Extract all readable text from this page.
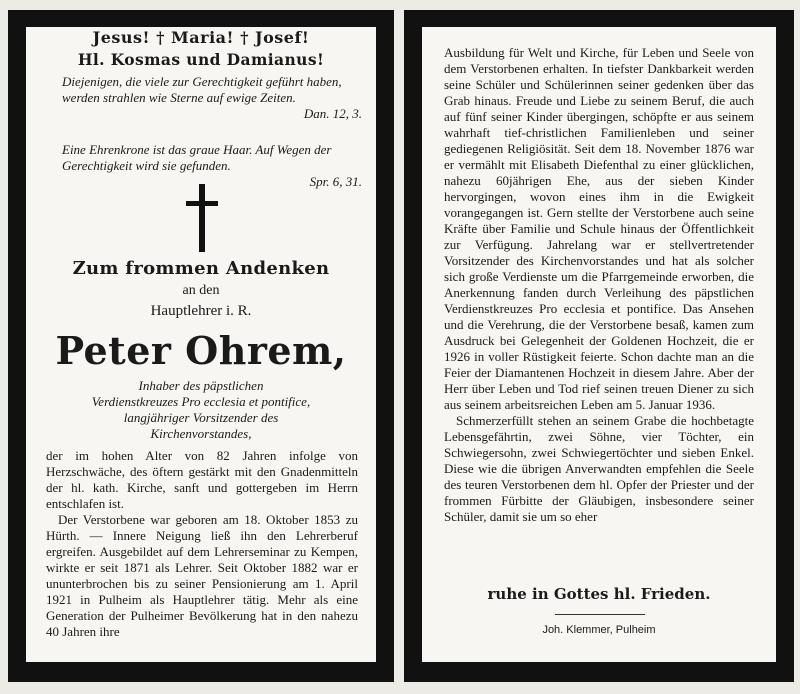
Jesus! † Maria! † Josef!
Hl. Kosmas und Damianus!
Diejenigen, die viele zur Gerechtigkeit geführt haben, werden strahlen wie Sterne auf ewige Zeiten.
Dan. 12, 3.
Eine Ehrenkrone ist das graue Haar. Auf Wegen der Gerechtigkeit wird sie gefunden.
Spr. 6, 31.
Zum frommen Andenken
an den
Hauptlehrer i. R.
Peter Ohrem,
Inhaber des päpstlichen
Verdienstkreuzes Pro ecclesia et pontifice,
langjähriger Vorsitzender des
Kirchenvorstandes,

der im hohen Alter von 82 Jahren infolge von Herzschwäche, des öftern gestärkt mit den Gnadenmitteln der hl. kath. Kirche, sanft und gottergeben im Herrn entschlafen ist.

Der Verstorbene war geboren am 18. Oktober 1853 zu Hürth. — Innere Neigung ließ ihn den Lehrerberuf ergreifen. Ausgebildet auf dem Lehrerseminar zu Kempen, wirkte er seit 1871 als Lehrer. Seit Oktober 1882 war er ununterbrochen bis zu seiner Pensionierung am 1. April 1921 in Pulheim als Hauptlehrer tätig. Mehr als eine Generation der Pulheimer Bevölkerung hat in den nahezu 40 Jahren ihre

Ausbildung für Welt und Kirche, für Leben und Seele von dem Verstorbenen erhalten. In tiefster Dankbarkeit werden seine Schüler und Schülerinnen seiner gedenken über das Grab hinaus. Freude und Liebe zu seinem Beruf, die auch auf fünf seiner Kinder übergingen, schöpfte er aus seinem wahrhaft tief-christlichen Familienleben und seiner gediegenen Religiösität. Seit dem 18. November 1876 war er vermählt mit Elisabeth Diefenthal zu einer glücklichen, nahezu 60jährigen Ehe, aus der sieben Kinder hervorgingen, wovon eines ihm in die Ewigkeit vorangegangen ist. Gern stellte der Verstorbene auch seine Kräfte über Familie und Schule hinaus der Öffentlichkeit zur Verfügung. Jahrelang war er stellvertretender Vorsitzender des Kirchenvorstandes und hat als solcher sich große Verdienste um die Pfarrgemeinde erworben, die Anerkennung fanden durch Verleihung des päpstlichen Verdienstkreuzes Pro ecclesia et pontifice. Das Ansehen und die Verehrung, die der Verstorbene besaß, kamen zum Ausdruck bei Gelegenheit der Goldenen Hochzeit, die er 1926 in voller Rüstigkeit feierte. Schon dachte man an die Feier der Diamantenen Hochzeit in diesem Jahre. Aber der Herr über Leben und Tod rief seinen treuen Diener zu sich aus seinem arbeitsreichen Leben am 5. Januar 1936.

Schmerzerfüllt stehen an seinem Grabe die hochbetagte Lebensgefährtin, zwei Söhne, vier Töchter, ein Schwiegersohn, zwei Schwiegertöchter und sieben Enkel. Diese wie die übrigen Anverwandten empfehlen die Seele des teuren Verstorbenen dem hl. Opfer der Priester und der frommen Fürbitte der Gläubigen, insbesondere seiner Schüler, damit sie um so eher

ruhe in Gottes hl. Frieden.
Joh. Klemmer, Pulheim
